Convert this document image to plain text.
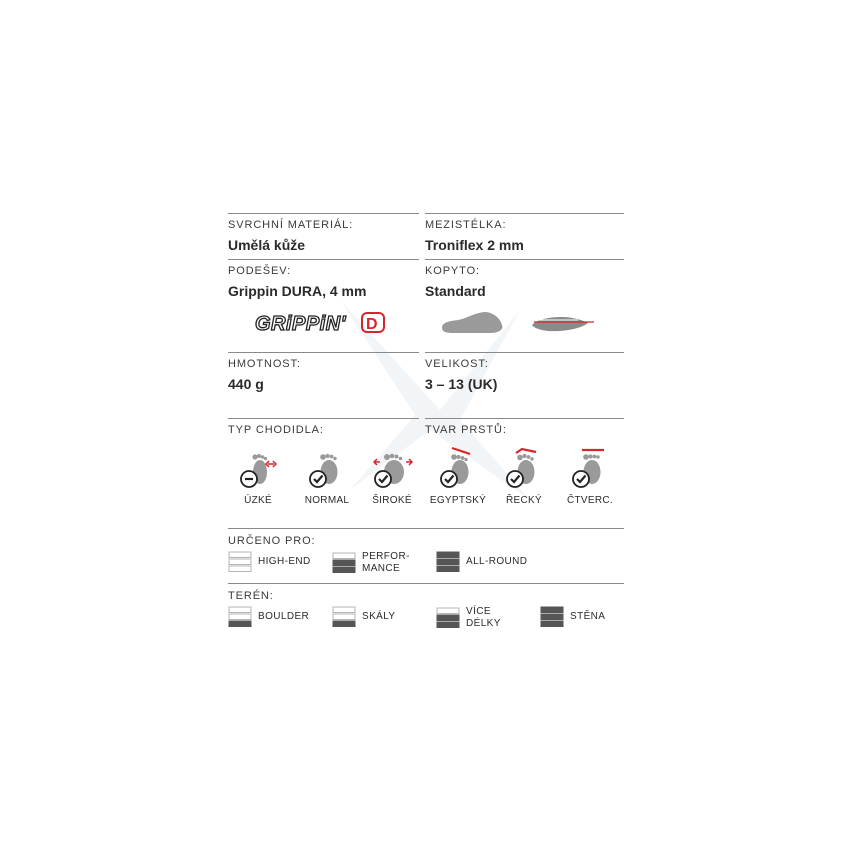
SVRCHNÍ MATERIÁL:
Umělá kůže
MEZISTÉLKA:
Troniflex 2 mm
PODEŠEV:
Grippin DURA, 4 mm
KOPYTO:
Standard
GRiPPiN' D
HMOTNOST:
440 g
VELIKOST:
3 – 13 (UK)
TYP CHODIDLA:	TVAR PRSTŮ:
ÚZKÉ	NORMAL	ŠIROKÉ	EGYPTSKÝ	ŘECKÝ	ČTVERC.
URČENO PRO:
HIGH-END	PERFOR-
MANCE
ALL-ROUND
TERÉN:
BOULDER	SKÁLY	VÍCE
DÉLKY
STĚNA
